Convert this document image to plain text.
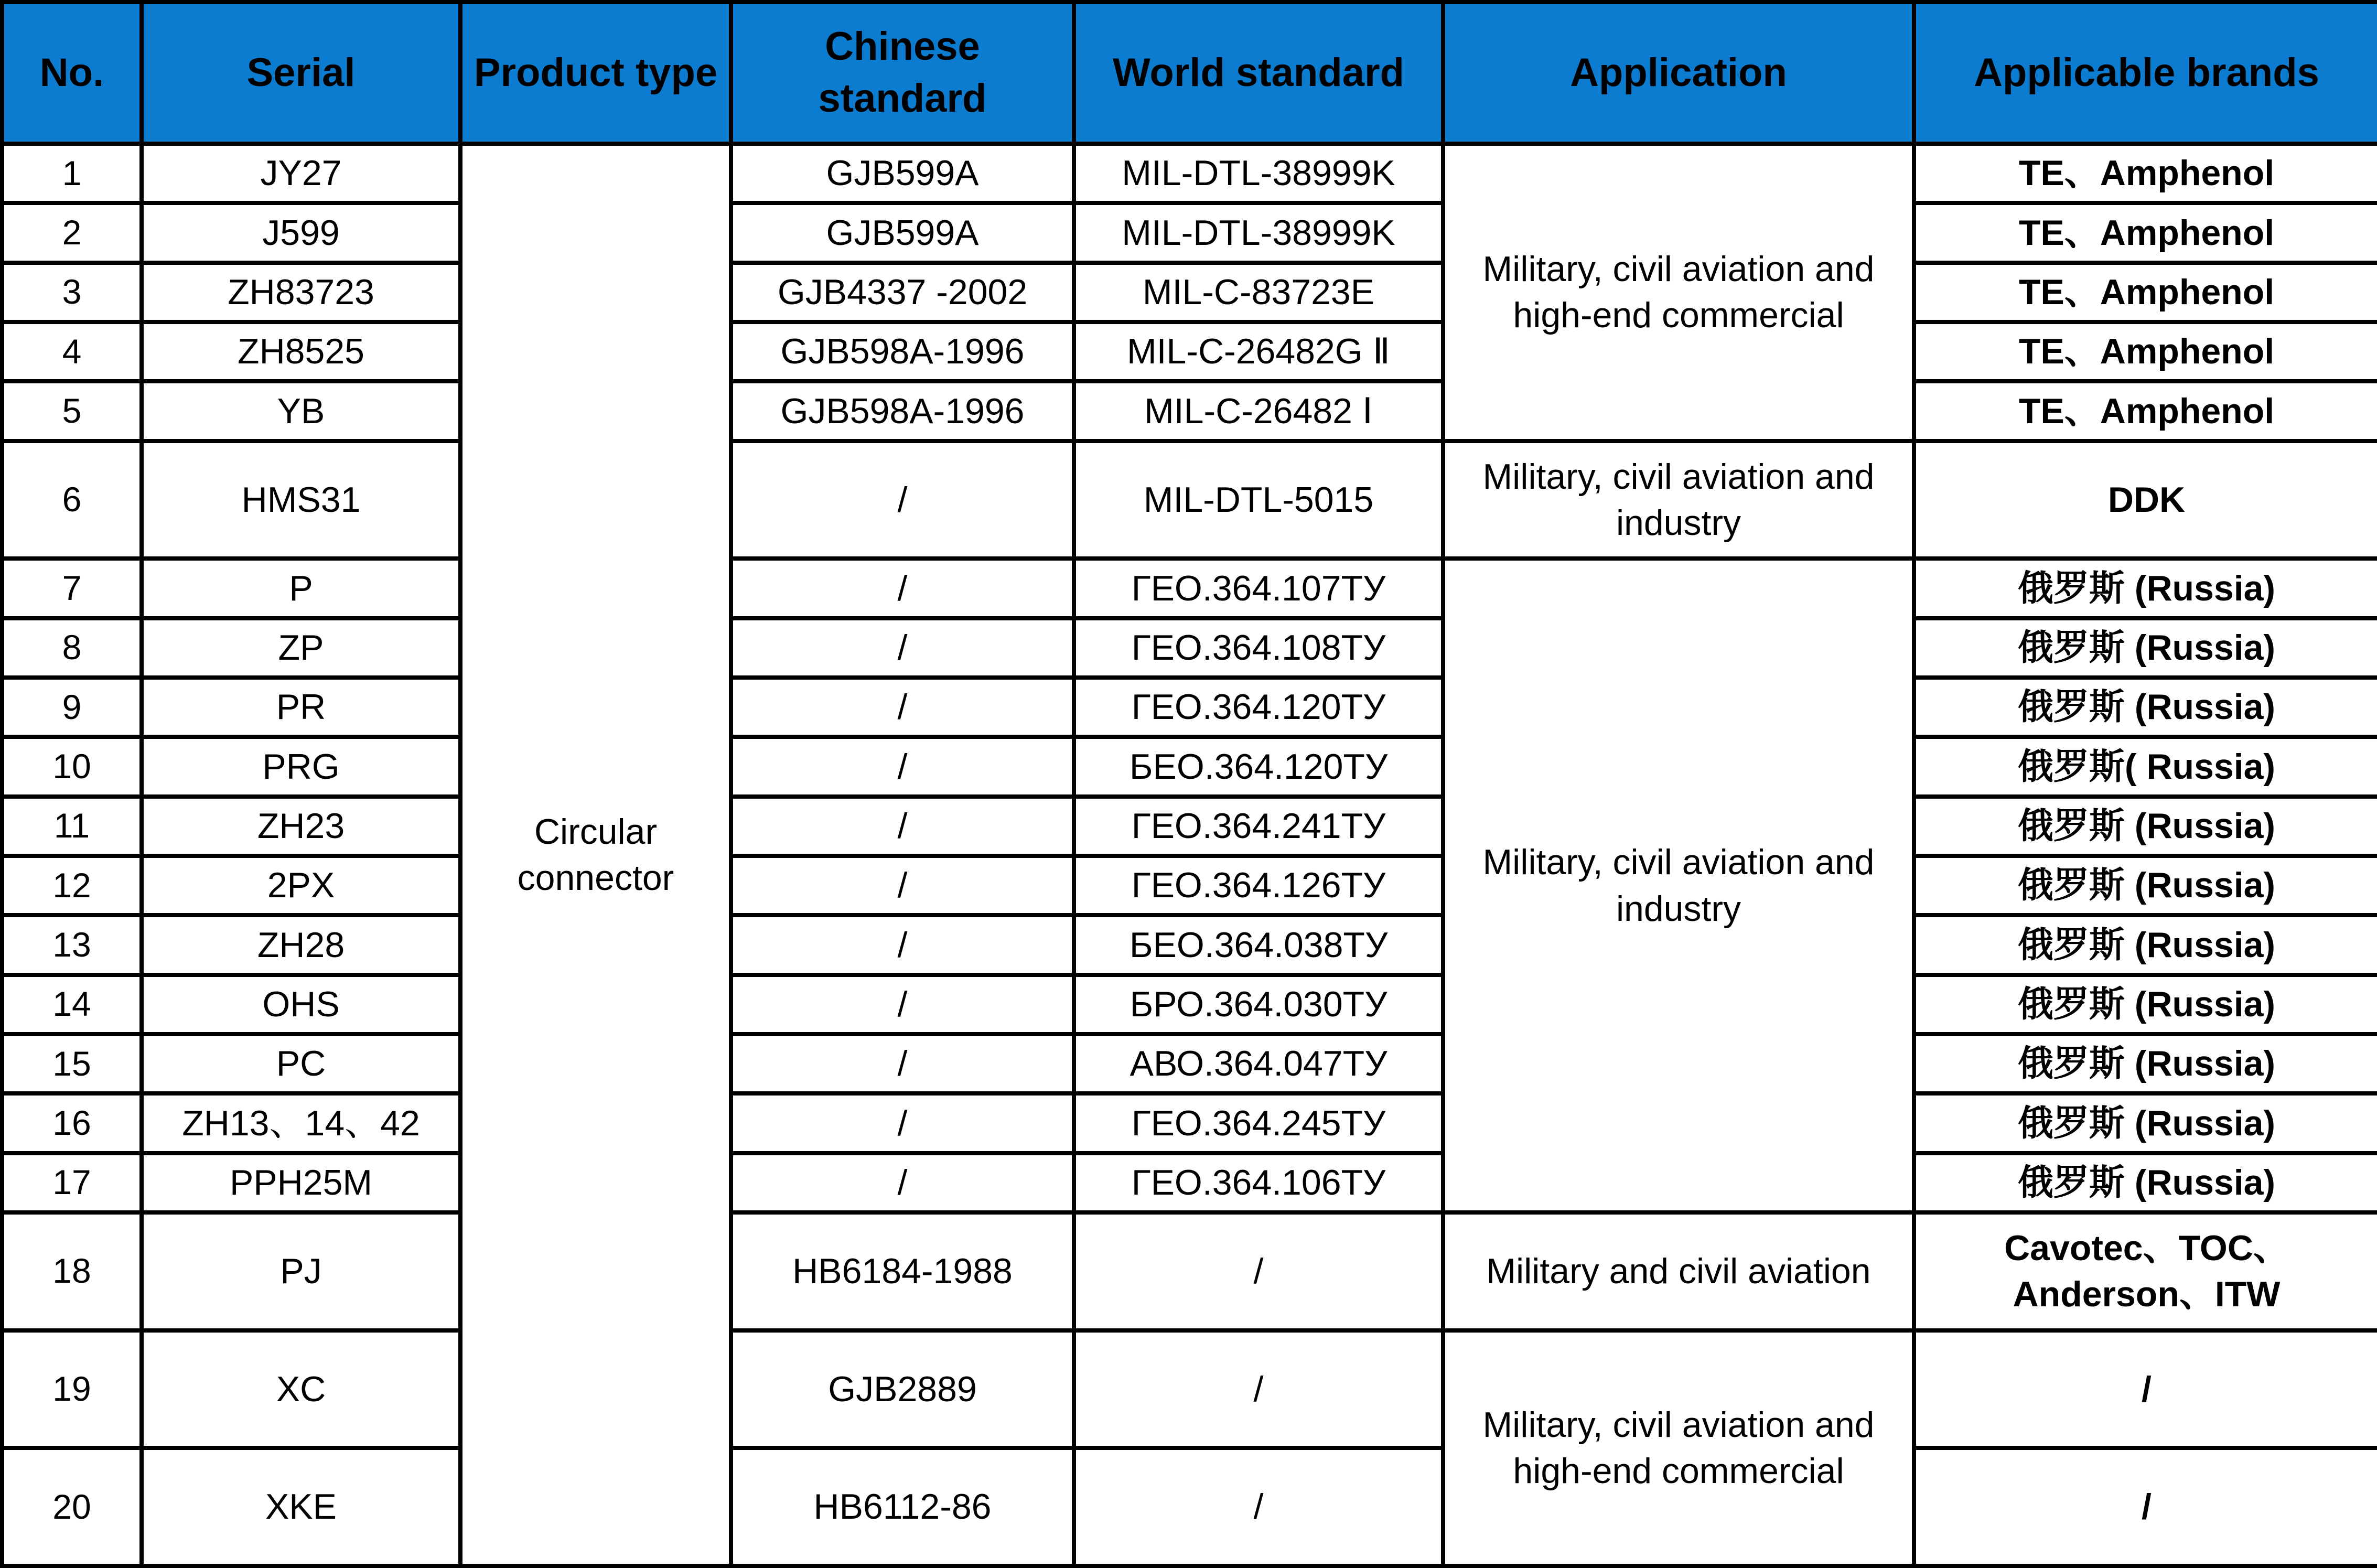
No.	Serial	Product type	Chinese standard	World standard	Application	Applicable brands
1	JY27	Circular connector	GJB599A	MIL-DTL-38999K	Military, civil aviation and high-end commercial	TE、Amphenol
2	J599		GJB599A	MIL-DTL-38999K		TE、Amphenol
3	ZH83723		GJB4337 -2002	MIL-C-83723E		TE、Amphenol
4	ZH8525		GJB598A-1996	MIL-C-26482G Ⅱ		TE、Amphenol
5	YB		GJB598A-1996	MIL-C-26482 Ⅰ		TE、Amphenol
6	HMS31		/	MIL-DTL-5015	Military, civil aviation and industry	DDK
7	P		/	ГЕО.364.107ТУ	Military, civil aviation and industry	俄罗斯 (Russia)
8	ZP		/	ГЕО.364.108ТУ		俄罗斯 (Russia)
9	PR		/	ГЕО.364.120ТУ		俄罗斯 (Russia)
10	PRG		/	БЕО.364.120ТУ		俄罗斯( Russia)
11	ZH23		/	ГЕО.364.241ТУ		俄罗斯 (Russia)
12	2PX		/	ГЕО.364.126ТУ		俄罗斯 (Russia)
13	ZH28		/	БЕО.364.038ТУ		俄罗斯 (Russia)
14	OHS		/	БРО.364.030ТУ		俄罗斯 (Russia)
15	PC		/	АВО.364.047ТУ		俄罗斯 (Russia)
16	ZH13、14、42		/	ГЕО.364.245ТУ		俄罗斯 (Russia)
17	PPH25M		/	ГЕО.364.106ТУ		俄罗斯 (Russia)
18	PJ		HB6184-1988	/	Military and civil aviation	Cavotec、TOC、Anderson、ITW
19	XC		GJB2889	/	Military, civil aviation and high-end commercial	/
20	XKE		HB6112-86	/		/
